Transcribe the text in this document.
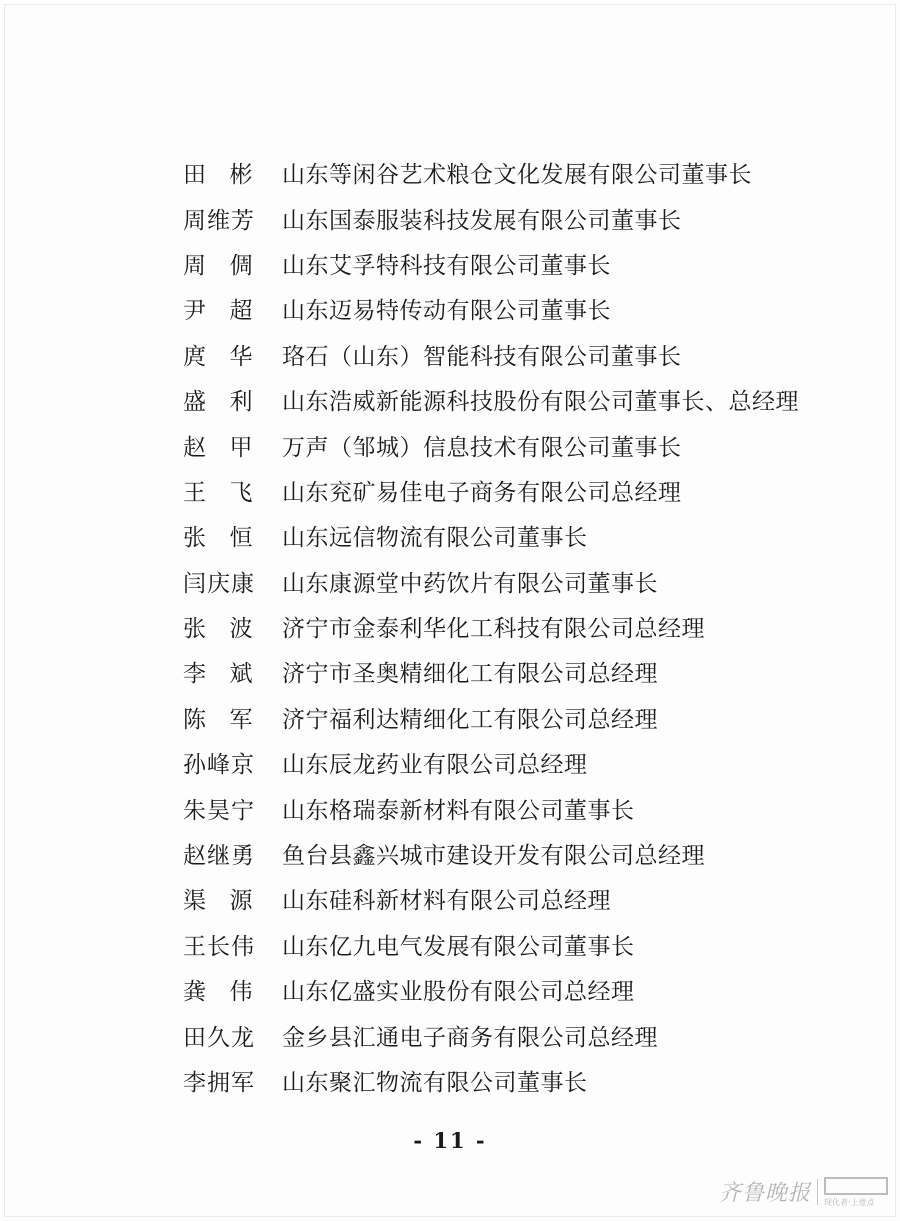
田 彬 山东等闲谷艺术粮仓文化发展有限公司董事长
周 维 芳 山东国泰服装科技发展有限公司董事长
周 倜 山东艾孚特科技有限公司董事长
尹 超 山东迈易特传动有限公司董事长
庹 华 珞石（山东）智能科技有限公司董事长
盛 利 山东浩威新能源科技股份有限公司董事长、总经理
赵 甲 万声（邹城）信息技术有限公司董事长
王 飞 山东兖矿易佳电子商务有限公司总经理
张 恒 山东远信物流有限公司董事长
闫 庆 康 山东康源堂中药饮片有限公司董事长
张 波 济宁市金泰利华化工科技有限公司总经理
李 斌 济宁市圣奥精细化工有限公司总经理
陈 军 济宁福利达精细化工有限公司总经理
孙 峰 京 山东辰龙药业有限公司总经理
朱 昊 宁 山东格瑞泰新材料有限公司董事长
赵 继 勇 鱼台县鑫兴城市建设开发有限公司总经理
渠 源 山东硅科新材料有限公司总经理
王 长 伟 山东亿九电气发展有限公司董事长
龚 伟 山东亿盛实业股份有限公司总经理
田 久 龙 金乡县汇通电子商务有限公司总经理
李 拥 军 山东聚汇物流有限公司董事长
- 11 -
齐鲁晚报 现化者·上壹点
